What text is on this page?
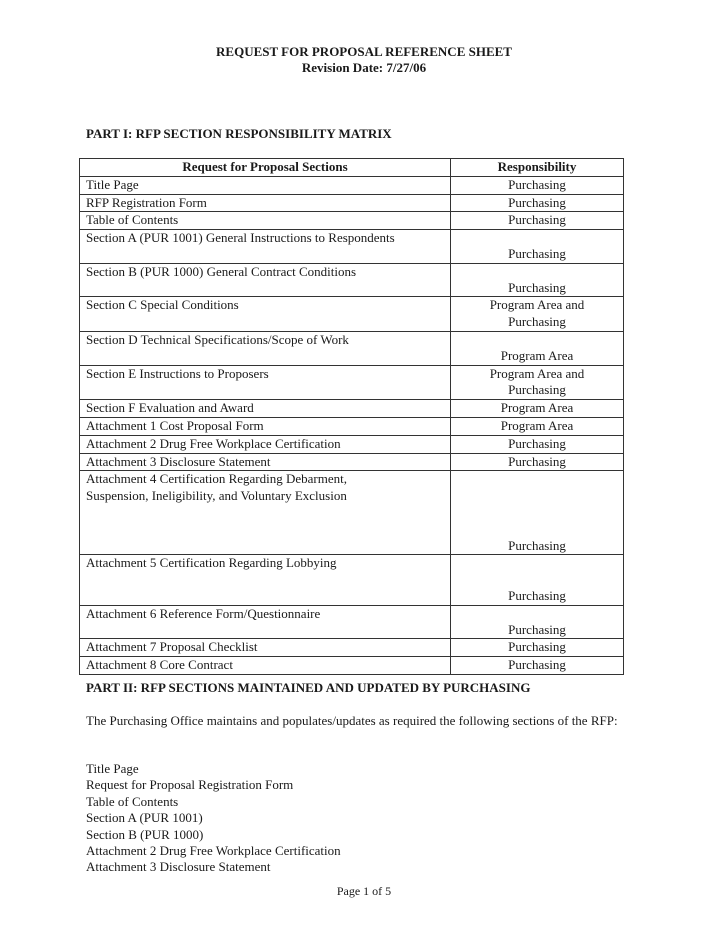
REQUEST FOR PROPOSAL REFERENCE SHEET
Revision Date: 7/27/06
PART I: RFP SECTION RESPONSIBILITY MATRIX
Request for Proposal Sections	Responsibility

Title Page	Purchasing

RFP Registration Form	Purchasing

Table of Contents	Purchasing

Section A (PUR 1001) General Instructions to Respondents	Purchasing

Section B (PUR 1000) General Contract Conditions	Purchasing

Section C Special Conditions	Program Area and
Purchasing

Section D Technical Specifications/Scope of Work	Program Area

Section E Instructions to Proposers	Program Area and
Purchasing

Section F Evaluation and Award	Program Area

Attachment 1 Cost Proposal Form	Program Area

Attachment 2 Drug Free Workplace Certification	Purchasing

Attachment 3 Disclosure Statement	Purchasing

Attachment 4 Certification Regarding Debarment,
Suspension, Ineligibility, and Voluntary Exclusion	Purchasing

Attachment 5 Certification Regarding Lobbying	Purchasing

Attachment 6 Reference Form/Questionnaire	Purchasing

Attachment 7 Proposal Checklist	Purchasing

Attachment 8 Core Contract	Purchasing
PART II: RFP SECTIONS MAINTAINED AND UPDATED BY PURCHASING
The Purchasing Office maintains and populates/updates as required the following sections of the RFP:
Title Page
Request for Proposal Registration Form
Table of Contents
Section A (PUR 1001)
Section B (PUR 1000)
Attachment 2 Drug Free Workplace Certification
Attachment 3 Disclosure Statement
Page 1 of 5
